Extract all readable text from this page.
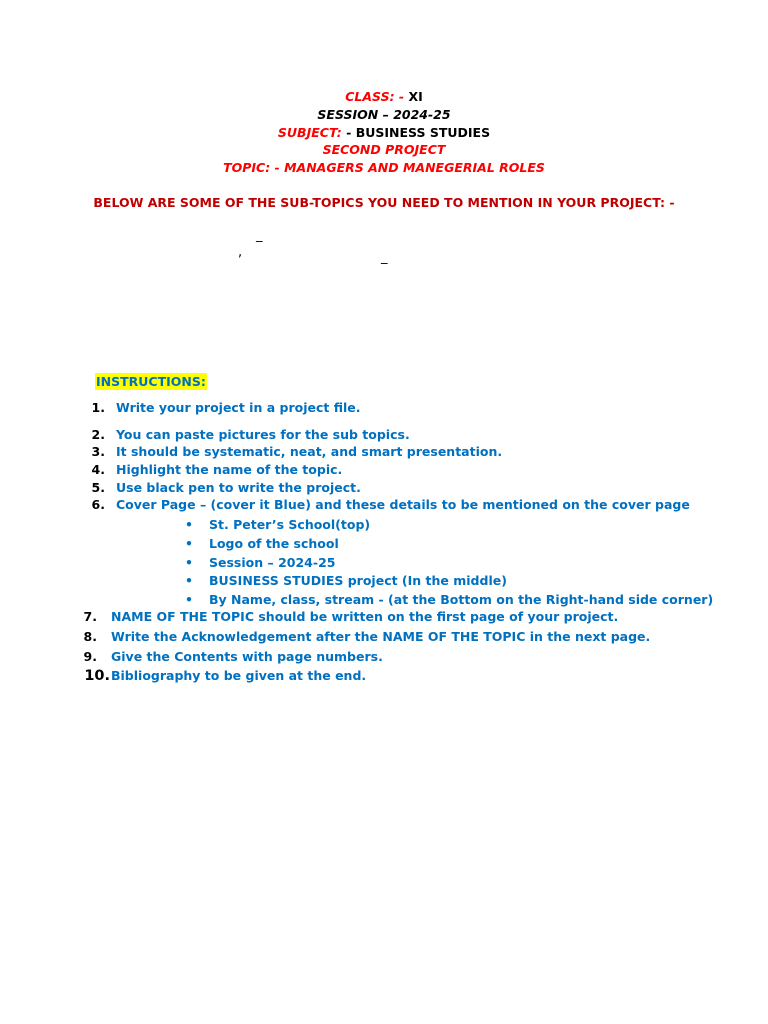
CLASS: - XI
SESSION – 2024-25
SUBJECT: - BUSINESS STUDIES
SECOND PROJECT
TOPIC: - MANAGERS AND MANEGERIAL ROLES
BELOW ARE SOME OF THE SUB-TOPICS YOU NEED TO MENTION IN YOUR PROJECT: -
_
,	_
INSTRUCTIONS:
1. Write your project in a project file.
2. You can paste pictures for the sub topics.
3. It should be systematic, neat, and smart presentation.
4. Highlight the name of the topic.
5. Use black pen to write the project.
6. Cover Page – (cover it Blue) and these details to be mentioned on the cover page
• St. Peter’s School(top)
• Logo of the school
• Session – 2024-25
• BUSINESS STUDIES project (In the middle)
• By Name, class, stream - (at the Bottom on the Right-hand side corner)
7. NAME OF THE TOPIC should be written on the first page of your project.
8. Write the Acknowledgement after the NAME OF THE TOPIC in the next page.
9. Give the Contents with page numbers.
10. Bibliography to be given at the end.
